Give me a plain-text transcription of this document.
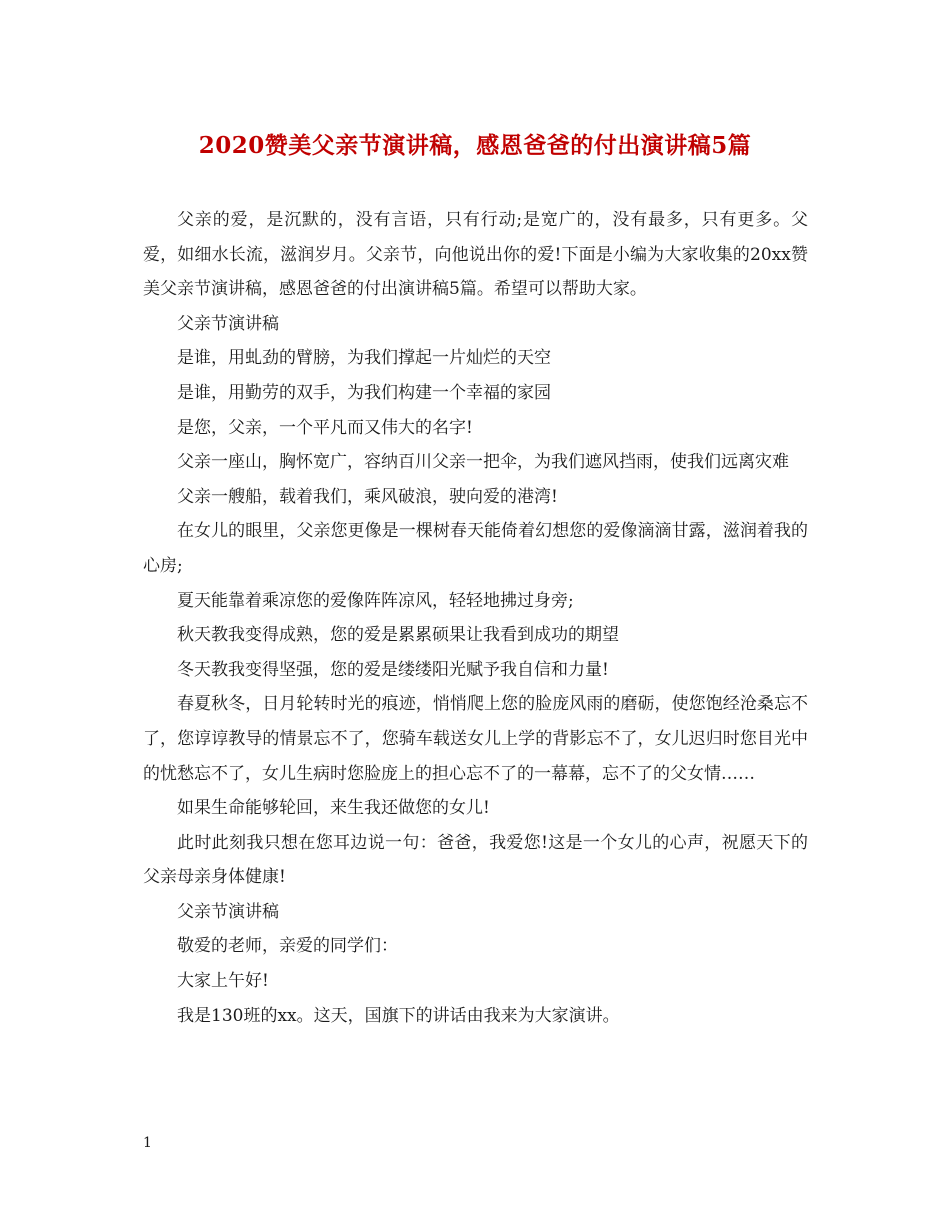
2020赞美父亲节演讲稿，感恩爸爸的付出演讲稿5篇

父亲的爱，是沉默的，没有言语，只有行动;是宽广的，没有最多，只有更多。父爱，如细水长流，滋润岁月。父亲节，向他说出你的爱!下面是小编为大家收集的20xx赞美父亲节演讲稿，感恩爸爸的付出演讲稿5篇。希望可以帮助大家。

父亲节演讲稿

是谁，用虬劲的臂膀，为我们撑起一片灿烂的天空

是谁，用勤劳的双手，为我们构建一个幸福的家园

是您，父亲，一个平凡而又伟大的名字!

父亲一座山，胸怀宽广，容纳百川父亲一把伞，为我们遮风挡雨，使我们远离灾难

父亲一艘船，载着我们，乘风破浪，驶向爱的港湾!

在女儿的眼里，父亲您更像是一棵树春天能倚着幻想您的爱像滴滴甘露，滋润着我的心房;

夏天能靠着乘凉您的爱像阵阵凉风，轻轻地拂过身旁;

秋天教我变得成熟，您的爱是累累硕果让我看到成功的期望

冬天教我变得坚强，您的爱是缕缕阳光赋予我自信和力量!

春夏秋冬，日月轮转时光的痕迹，悄悄爬上您的脸庞风雨的磨砺，使您饱经沧桑忘不了，您谆谆教导的情景忘不了，您骑车载送女儿上学的背影忘不了，女儿迟归时您目光中的忧愁忘不了，女儿生病时您脸庞上的担心忘不了的一幕幕，忘不了的父女情……

如果生命能够轮回，来生我还做您的女儿!

此时此刻我只想在您耳边说一句：爸爸，我爱您!这是一个女儿的心声，祝愿天下的父亲母亲身体健康!

父亲节演讲稿

敬爱的老师，亲爱的同学们：

大家上午好!

我是130班的xx。这天，国旗下的讲话由我来为大家演讲。

1
